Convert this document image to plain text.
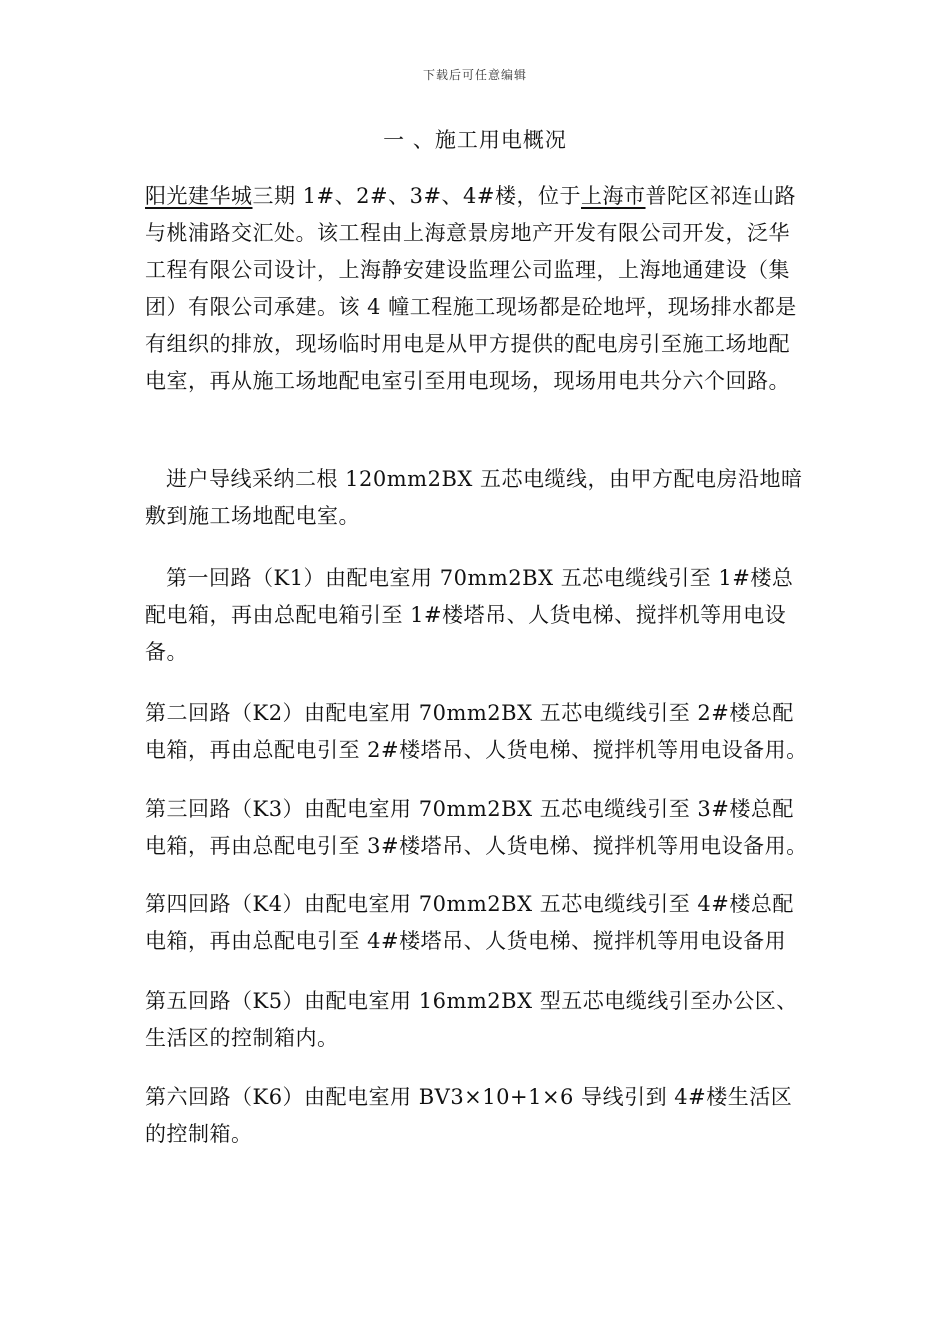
下载后可任意编辑
一 、施工用电概况

阳光建华城三期 1#、2#、3#、4#楼，位于上海市普陀区祁连山路与桃浦路交汇处。该工程由上海意景房地产开发有限公司开发，泛华工程有限公司设计，上海静安建设监理公司监理，上海地通建设（集团）有限公司承建。该 4 幢工程施工现场都是砼地坪，现场排水都是有组织的排放，现场临时用电是从甲方提供的配电房引至施工场地配电室，再从施工场地配电室引至用电现场，现场用电共分六个回路。

进户导线采纳二根 120mm2BX 五芯电缆线，由甲方配电房沿地暗敷到施工场地配电室。

第一回路（K1）由配电室用 70mm2BX 五芯电缆线引至 1#楼总配电箱，再由总配电箱引至 1#楼塔吊、人货电梯、搅拌机等用电设备。

第二回路（K2）由配电室用 70mm2BX 五芯电缆线引至 2#楼总配电箱，再由总配电引至 2#楼塔吊、人货电梯、搅拌机等用电设备用。

第三回路（K3）由配电室用 70mm2BX 五芯电缆线引至 3#楼总配电箱，再由总配电引至 3#楼塔吊、人货电梯、搅拌机等用电设备用。

第四回路（K4）由配电室用 70mm2BX 五芯电缆线引至 4#楼总配电箱，再由总配电引至 4#楼塔吊、人货电梯、搅拌机等用电设备用

第五回路（K5）由配电室用 16mm2BX 型五芯电缆线引至办公区、生活区的控制箱内。

第六回路（K6）由配电室用 BV3×10+1×6 导线引到 4#楼生活区的控制箱。
